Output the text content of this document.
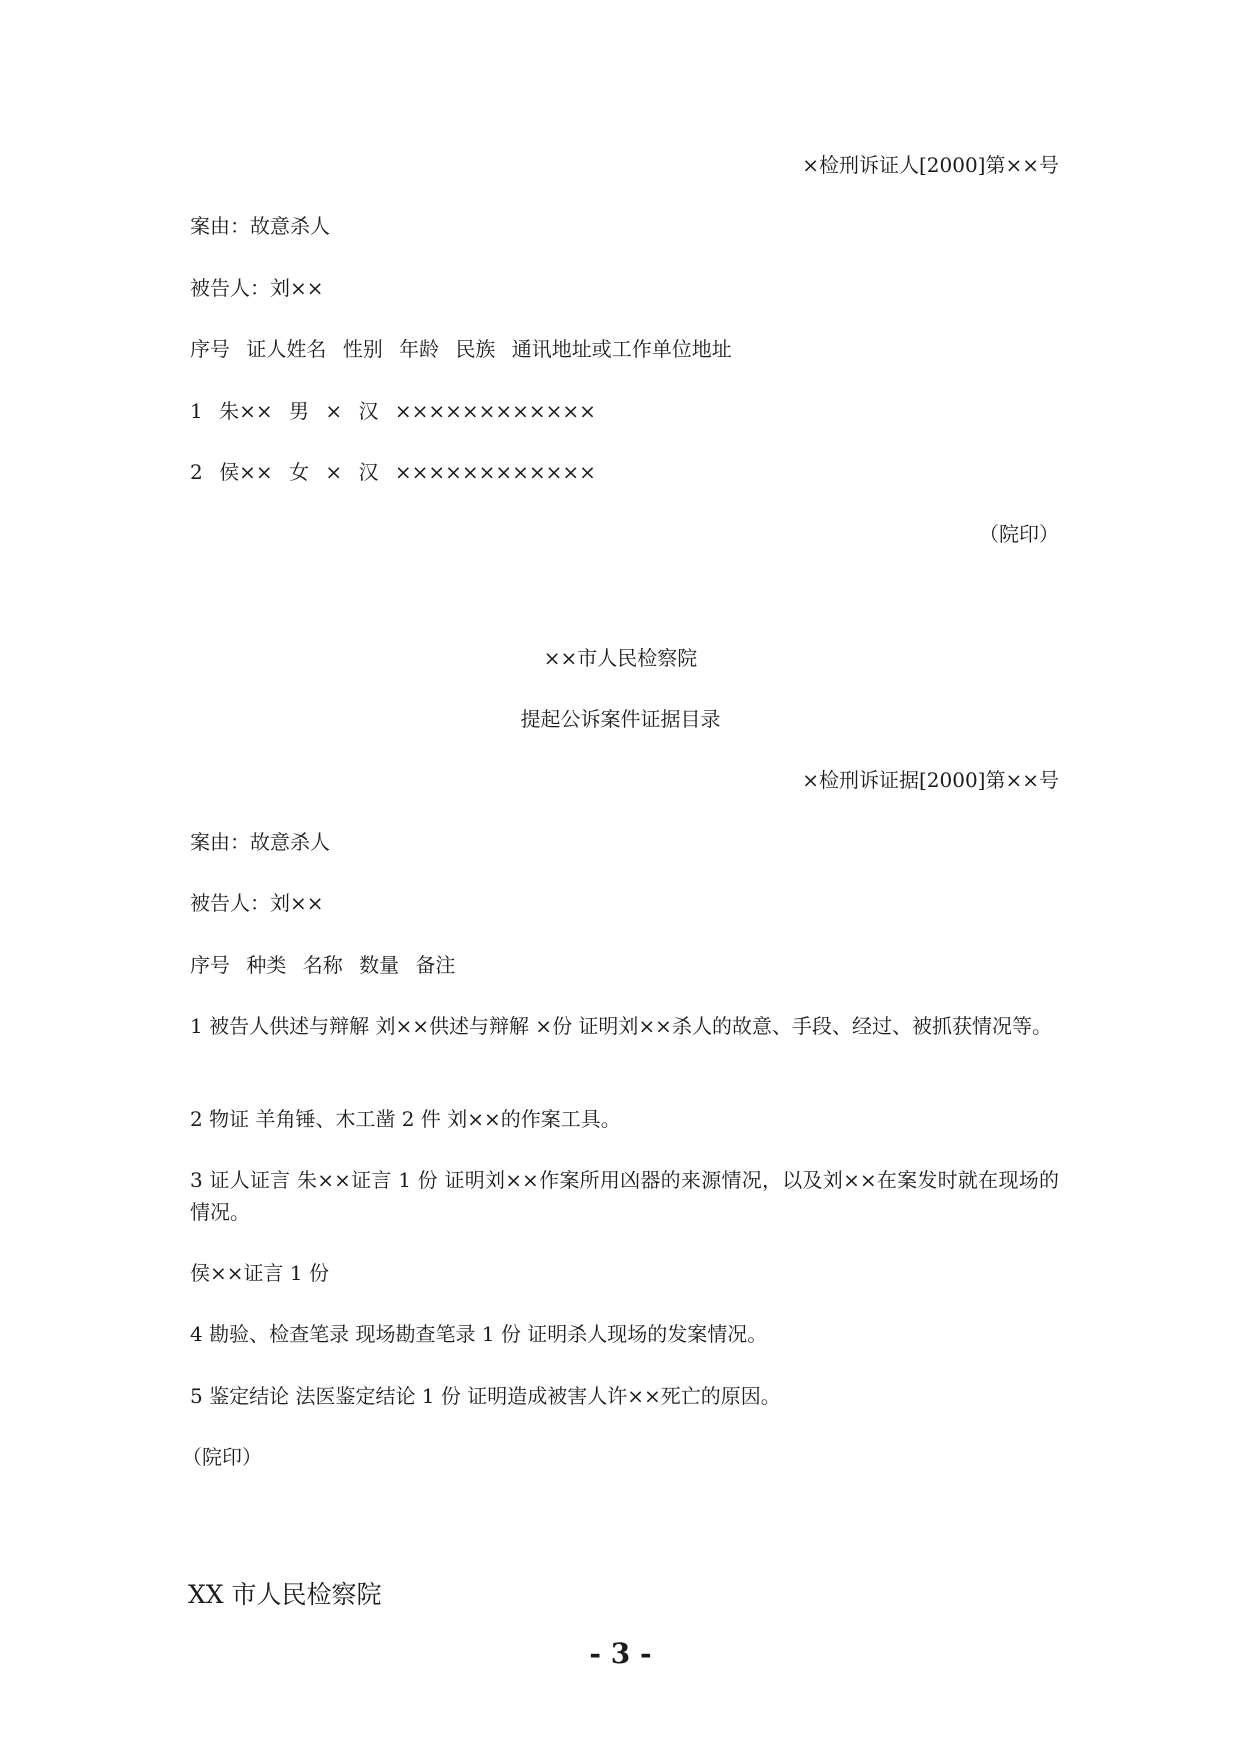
×检刑诉证人[2000]第××号
案由：故意杀人
被告人：刘××
序号 证人姓名 性别 年龄 民族 通讯地址或工作单位地址
1 朱×× 男 × 汉 ××××××××××××
2 侯×× 女 × 汉 ××××××××××××
（院印）
××市人民检察院
提起公诉案件证据目录
×检刑诉证据[2000]第××号
案由：故意杀人
被告人：刘××
序号 种类 名称 数量 备注
1 被告人供述与辩解 刘××供述与辩解 ×份 证明刘××杀人的故意、手段、经过、被抓获情况等。
2 物证 羊角锤、木工凿 2 件 刘××的作案工具。
3 证人证言 朱××证言 1 份 证明刘××作案所用凶器的来源情况，以及刘××在案发时就在现场的情况。
侯××证言 1 份
4 勘验、检查笔录 现场勘查笔录 1 份 证明杀人现场的发案情况。
5 鉴定结论 法医鉴定结论 1 份 证明造成被害人许××死亡的原因。
（院印）
XX 市人民检察院
- 3 -
